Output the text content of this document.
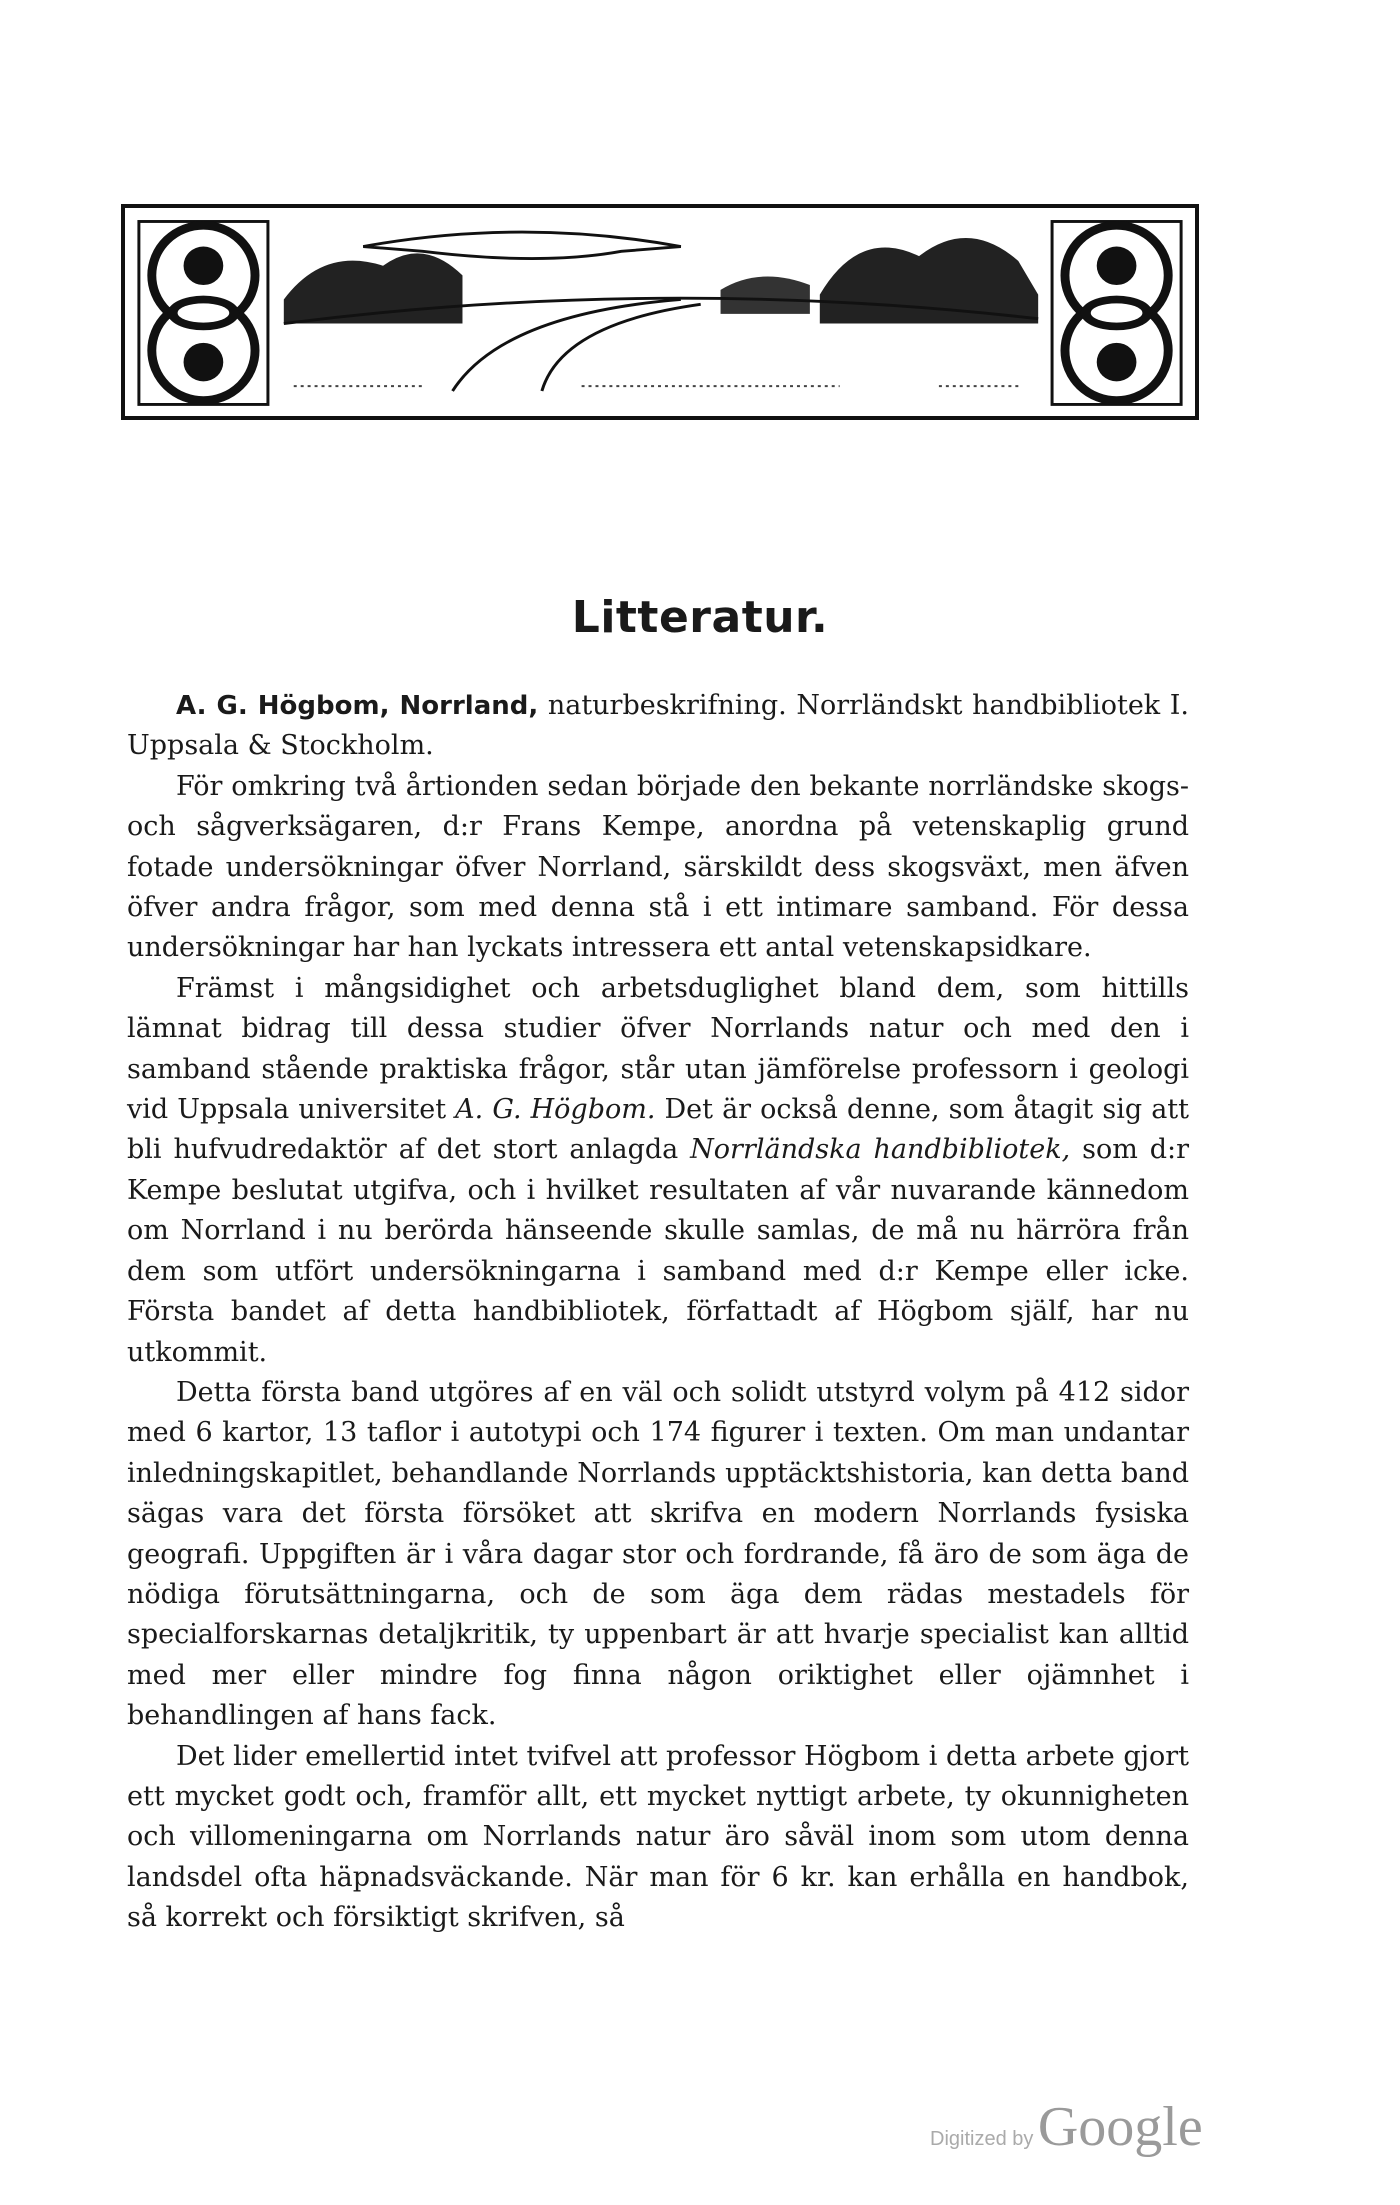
Litteratur.

A. G. Högbom, Norrland, naturbeskrifning. Norrländskt handbibliotek I. Uppsala & Stockholm.

För omkring två årtionden sedan började den bekante norrländske skogs- och sågverksägaren, d:r Frans Kempe, anordna på vetenskaplig grund fotade undersökningar öfver Norrland, särskildt dess skogsväxt, men äfven öfver andra frågor, som med denna stå i ett intimare samband. För dessa undersökningar har han lyckats intressera ett antal vetenskapsidkare.

Främst i mångsidighet och arbetsduglighet bland dem, som hittills lämnat bidrag till dessa studier öfver Norrlands natur och med den i samband stående praktiska frågor, står utan jämförelse professorn i geologi vid Uppsala universitet A. G. Högbom. Det är också denne, som åtagit sig att bli hufvudredaktör af det stort anlagda Norrländska handbibliotek, som d:r Kempe beslutat utgifva, och i hvilket resultaten af vår nuvarande kännedom om Norrland i nu berörda hänseende skulle samlas, de må nu härröra från dem som utfört undersökningarna i samband med d:r Kempe eller icke. Första bandet af detta handbibliotek, författadt af Högbom själf, har nu utkommit.

Detta första band utgöres af en väl och solidt utstyrd volym på 412 sidor med 6 kartor, 13 taflor i autotypi och 174 figurer i texten. Om man undantar inledningskapitlet, behandlande Norrlands upptäcktshistoria, kan detta band sägas vara det första försöket att skrifva en modern Norrlands fysiska geografi. Uppgiften är i våra dagar stor och fordrande, få äro de som äga de nödiga förutsättningarna, och de som äga dem rädas mestadels för specialforskarnas detaljkritik, ty uppenbart är att hvarje specialist kan alltid med mer eller mindre fog finna någon oriktighet eller ojämnhet i behandlingen af hans fack.

Det lider emellertid intet tvifvel att professor Högbom i detta arbete gjort ett mycket godt och, framför allt, ett mycket nyttigt arbete, ty okunnigheten och villomeningarna om Norrlands natur äro såväl inom som utom denna landsdel ofta häpnadsväckande. När man för 6 kr. kan erhålla en handbok, så korrekt och försiktigt skrifven, så

Digitized by Google
